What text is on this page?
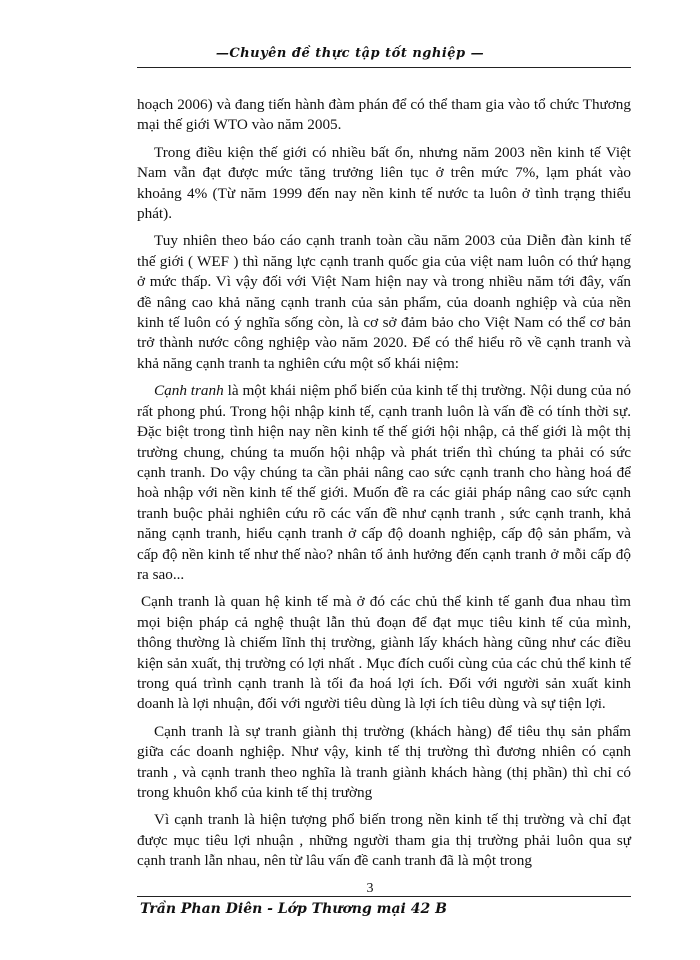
—Chuyên đề thực tập tốt nghiệp —

hoạch 2006) và đang tiến hành đàm phán để có thể tham gia vào tổ chức Thương mại thế giới WTO vào năm 2005.

Trong điều kiện thế giới có nhiều bất ổn, nhưng năm 2003 nền kinh tế Việt Nam vẫn đạt được mức tăng trưởng liên tục ở trên mức 7%, lạm phát vào khoảng 4% (Từ năm 1999 đến nay nền kinh tế nước ta luôn ở tình trạng thiểu phát).

Tuy nhiên theo báo cáo cạnh tranh toàn cầu năm 2003 của Diễn đàn kinh tế thế giới ( WEF ) thì năng lực cạnh tranh quốc gia của việt nam luôn có thứ hạng ở mức thấp. Vì vậy đối với Việt Nam hiện nay và trong nhiều năm tới đây, vấn đề nâng cao khả năng cạnh tranh của sản phẩm, của doanh nghiệp và của nền kinh tế luôn có ý nghĩa sống còn, là cơ sở đảm bảo cho Việt Nam có thể cơ bản trở thành nước công nghiệp vào năm 2020. Để có thể hiểu rõ về cạnh tranh và khả năng cạnh tranh ta nghiên cứu một số khái niệm:

Cạnh tranh là một khái niệm phổ biến của kinh tế thị trường. Nội dung của nó rất phong phú. Trong hội nhập kinh tế, cạnh tranh luôn là vấn đề có tính thời sự. Đặc biệt trong tình hiện nay nền kinh tế thế giới hội nhập, cả thế giới là một thị trường chung, chúng ta muốn hội nhập và phát triển thì chúng ta phải có sức cạnh tranh. Do vậy chúng ta cần phải nâng cao sức cạnh tranh cho hàng hoá để hoà nhập với nền kinh tế thế giới. Muốn đề ra các giải pháp nâng cao sức cạnh tranh buộc phải nghiên cứu rõ các vấn đề như cạnh tranh , sức cạnh tranh, khả năng cạnh tranh, hiểu cạnh tranh ở cấp độ doanh nghiệp, cấp độ sản phẩm, và cấp độ nền kinh tế như thế nào? nhân tố ảnh hưởng đến cạnh tranh ở mỗi cấp độ ra sao...

Cạnh tranh là quan hệ kinh tế mà ở đó các chủ thể kinh tế ganh đua nhau tìm mọi biện pháp cả nghệ thuật lẫn thủ đoạn để đạt mục tiêu kinh tế của mình, thông thường là chiếm lĩnh thị trường, giành lấy khách hàng cũng như các điều kiện sản xuất, thị trường có lợi nhất . Mục đích cuối cùng của các chủ thể kinh tế trong quá trình cạnh tranh là tối đa hoá lợi ích. Đối với người sản xuất kinh doanh là lợi nhuận, đối với người tiêu dùng là lợi ích tiêu dùng và sự tiện lợi.

Cạnh tranh là sự tranh giành thị trường (khách hàng) để tiêu thụ sản phẩm giữa các doanh nghiệp. Như vậy, kinh tế thị trường thì đương nhiên có cạnh tranh , và cạnh tranh theo nghĩa là tranh giành khách hàng (thị phần) thì chỉ có trong khuôn khổ của kinh tế thị trường

Vì cạnh tranh là hiện tượng phổ biến trong nền kinh tế thị trường và chỉ đạt được mục tiêu lợi nhuận , những người tham gia thị trường phải luôn qua sự cạnh tranh lẫn nhau, nên từ lâu vấn đề canh tranh đã là một trong

3
Trần Phan Diên - Lớp Thương mại 42 B
